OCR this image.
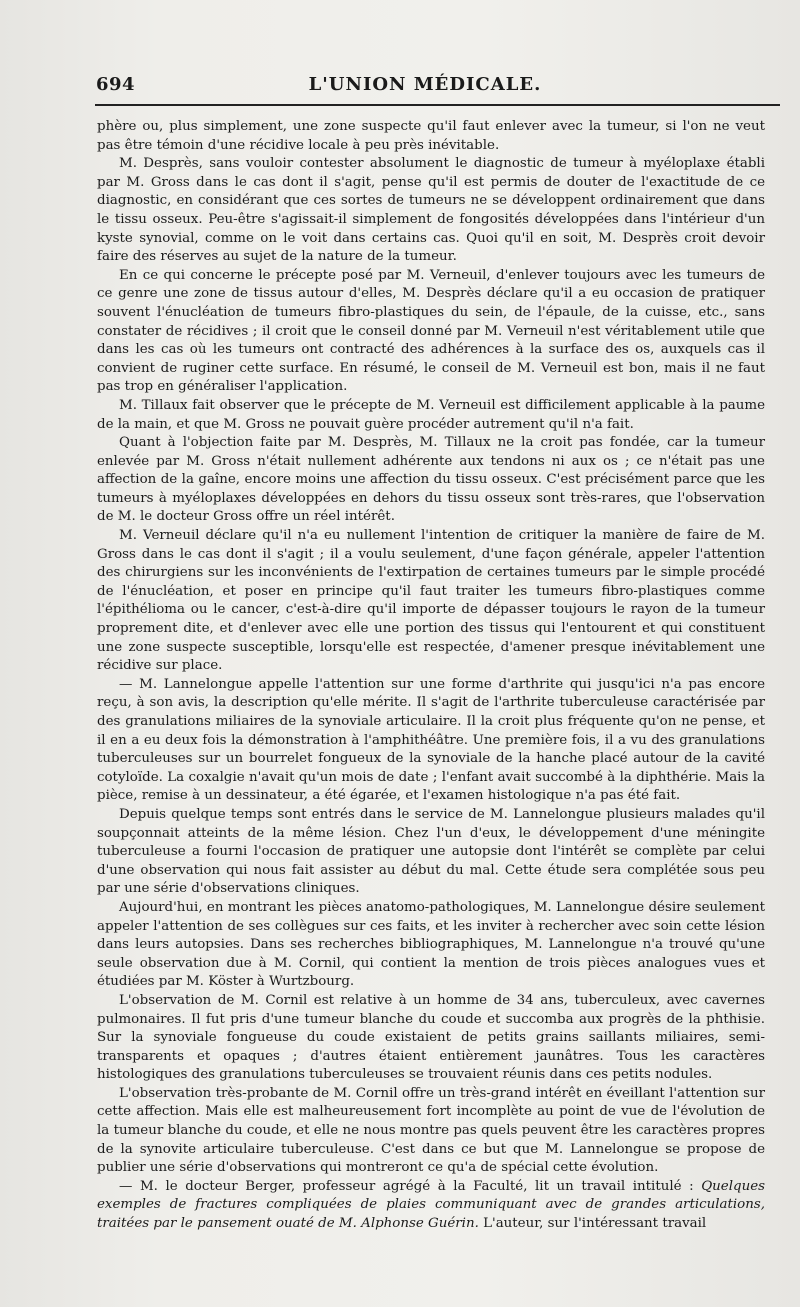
694	L'UNION MÉDICALE.

phère ou, plus simplement, une zone suspecte qu'il faut enlever avec la tumeur, si l'on ne veut pas être témoin d'une récidive locale à peu près inévitable.

M. Desprès, sans vouloir contester absolument le diagnostic de tumeur à myéloplaxe établi par M. Gross dans le cas dont il s'agit, pense qu'il est permis de douter de l'exactitude de ce diagnostic, en considérant que ces sortes de tumeurs ne se développent ordinairement que dans le tissu osseux. Peu-être s'agissait-il simplement de fongosités développées dans l'intérieur d'un kyste synovial, comme on le voit dans certains cas. Quoi qu'il en soit, M. Desprès croit devoir faire des réserves au sujet de la nature de la tumeur.

En ce qui concerne le précepte posé par M. Verneuil, d'enlever toujours avec les tumeurs de ce genre une zone de tissus autour d'elles, M. Desprès déclare qu'il a eu occasion de pratiquer souvent l'énucléation de tumeurs fibro-plastiques du sein, de l'épaule, de la cuisse, etc., sans constater de récidives ; il croit que le conseil donné par M. Verneuil n'est véritablement utile que dans les cas où les tumeurs ont contracté des adhérences à la surface des os, auxquels cas il convient de ruginer cette surface. En résumé, le conseil de M. Verneuil est bon, mais il ne faut pas trop en généraliser l'application.

M. Tillaux fait observer que le précepte de M. Verneuil est difficilement applicable à la paume de la main, et que M. Gross ne pouvait guère procéder autrement qu'il n'a fait.

Quant à l'objection faite par M. Desprès, M. Tillaux ne la croit pas fondée, car la tumeur enlevée par M. Gross n'était nullement adhérente aux tendons ni aux os ; ce n'était pas une affection de la gaîne, encore moins une affection du tissu osseux. C'est précisément parce que les tumeurs à myéloplaxes développées en dehors du tissu osseux sont très-rares, que l'observation de M. le docteur Gross offre un réel intérêt.

M. Verneuil déclare qu'il n'a eu nullement l'intention de critiquer la manière de faire de M. Gross dans le cas dont il s'agit ; il a voulu seulement, d'une façon générale, appeler l'attention des chirurgiens sur les inconvénients de l'extirpation de certaines tumeurs par le simple procédé de l'énucléation, et poser en principe qu'il faut traiter les tumeurs fibro-plastiques comme l'épithélioma ou le cancer, c'est-à-dire qu'il importe de dépasser toujours le rayon de la tumeur proprement dite, et d'enlever avec elle une portion des tissus qui l'entourent et qui constituent une zone suspecte susceptible, lorsqu'elle est respectée, d'amener presque inévitablement une récidive sur place.

— M. Lannelongue appelle l'attention sur une forme d'arthrite qui jusqu'ici n'a pas encore reçu, à son avis, la description qu'elle mérite. Il s'agit de l'arthrite tuberculeuse caractérisée par des granulations miliaires de la synoviale articulaire. Il la croit plus fréquente qu'on ne pense, et il en a eu deux fois la démonstration à l'amphithéâtre. Une première fois, il a vu des granulations tuberculeuses sur un bourrelet fongueux de la synoviale de la hanche placé autour de la cavité cotyloïde. La coxalgie n'avait qu'un mois de date ; l'enfant avait succombé à la diphthérie. Mais la pièce, remise à un dessinateur, a été égarée, et l'examen histologique n'a pas été fait.

Depuis quelque temps sont entrés dans le service de M. Lannelongue plusieurs malades qu'il soupçonnait atteints de la même lésion. Chez l'un d'eux, le développement d'une méningite tuberculeuse a fourni l'occasion de pratiquer une autopsie dont l'intérêt se complète par celui d'une observation qui nous fait assister au début du mal. Cette étude sera complétée sous peu par une série d'observations cliniques.

Aujourd'hui, en montrant les pièces anatomo-pathologiques, M. Lannelongue désire seulement appeler l'attention de ses collègues sur ces faits, et les inviter à rechercher avec soin cette lésion dans leurs autopsies. Dans ses recherches bibliographiques, M. Lannelongue n'a trouvé qu'une seule observation due à M. Cornil, qui contient la mention de trois pièces analogues vues et étudiées par M. Köster à Wurtzbourg.

L'observation de M. Cornil est relative à un homme de 34 ans, tuberculeux, avec cavernes pulmonaires. Il fut pris d'une tumeur blanche du coude et succomba aux progrès de la phthisie. Sur la synoviale fongueuse du coude existaient de petits grains saillants miliaires, semi-transparents et opaques ; d'autres étaient entièrement jaunâtres. Tous les caractères histologiques des granulations tuberculeuses se trouvaient réunis dans ces petits nodules.

L'observation très-probante de M. Cornil offre un très-grand intérêt en éveillant l'attention sur cette affection. Mais elle est malheureusement fort incomplète au point de vue de l'évolution de la tumeur blanche du coude, et elle ne nous montre pas quels peuvent être les caractères propres de la synovite articulaire tuberculeuse. C'est dans ce but que M. Lannelongue se propose de publier une série d'observations qui montreront ce qu'a de spécial cette évolution.

— M. le docteur Berger, professeur agrégé à la Faculté, lit un travail intitulé : Quelques exemples de fractures compliquées de plaies communiquant avec de grandes articulations, traitées par le pansement ouaté de M. Alphonse Guérin. L'auteur, sur l'intéressant travail
